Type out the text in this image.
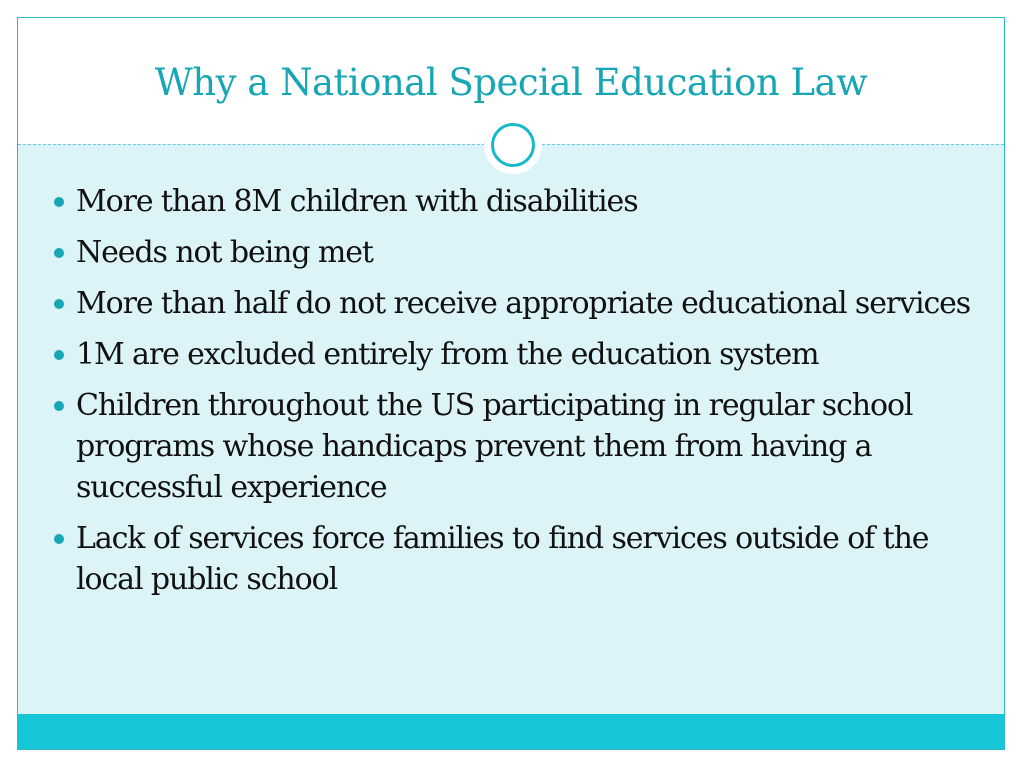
Why a National Special Education Law
More than 8M children with disabilities
Needs not being met
More than half do not receive appropriate educational services
1M are excluded entirely from the education system
Children throughout the US participating in regular school programs whose handicaps prevent them from having a successful experience
Lack of services force families to find services outside of the local public school
